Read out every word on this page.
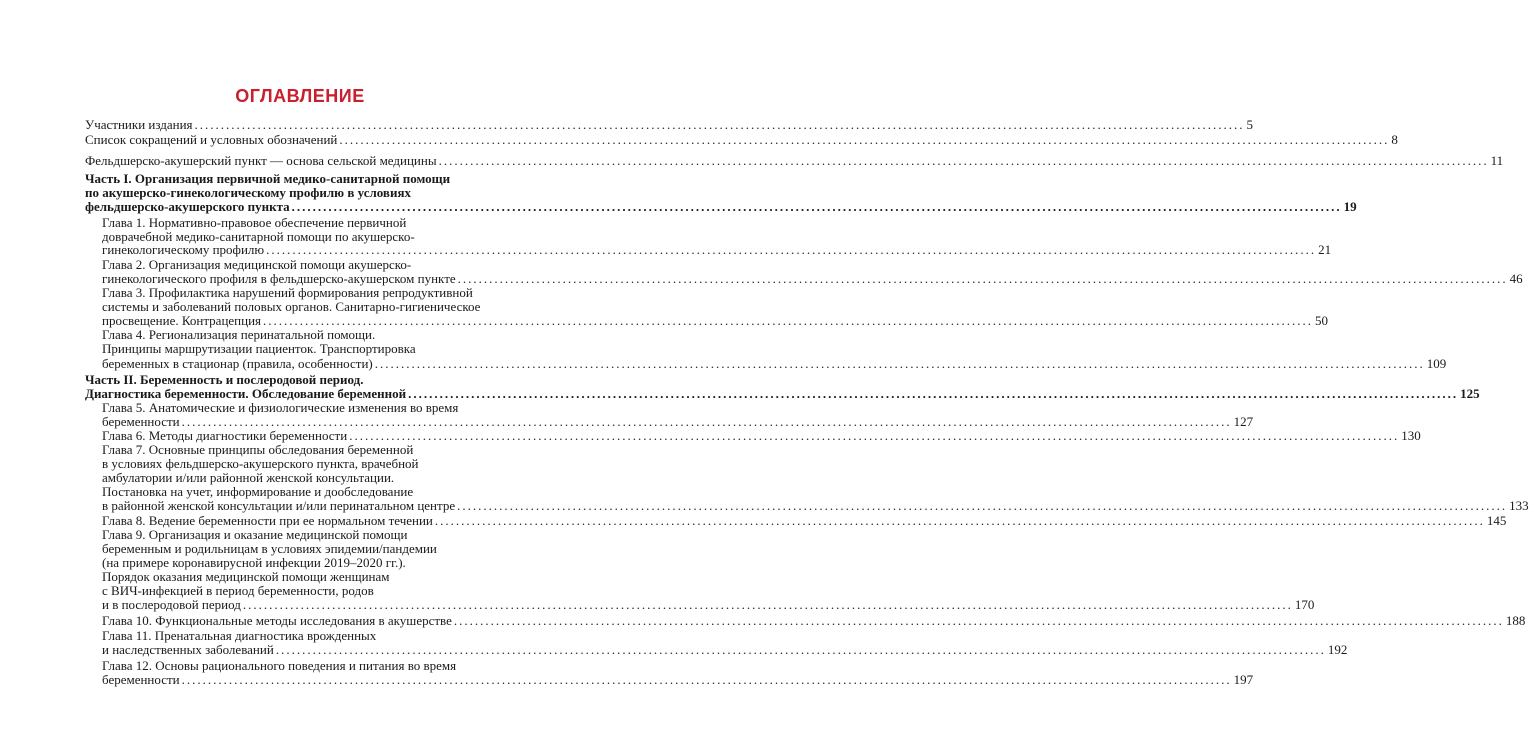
ОГЛАВЛЕНИЕ
Участники издания ........................................................................................................................................................................................................ 5
Список сокращений и условных обозначений ........................................................................................................................................................................................................ 8
Фельдшерско-акушерский пункт — основа сельской медицины ........................................................................................................................................................................................................ 11
Часть I. Организация первичной медико-санитарной помощи
по акушерско-гинекологическому профилю в условиях
фельдшерско-акушерского пункта ........................................................................................................................................................................................................ 19
Глава 1. Нормативно-правовое обеспечение первичной
доврачебной медико-санитарной помощи по акушерско-
гинекологическому профилю ........................................................................................................................................................................................................ 21
Глава 2. Организация медицинской помощи акушерско-
гинекологического профиля в фельдшерско-акушерском пункте ........................................................................................................................................................................................................ 46
Глава 3. Профилактика нарушений формирования репродуктивной
системы и заболеваний половых органов. Санитарно-гигиеническое
просвещение. Контрацепция ........................................................................................................................................................................................................ 50
Глава 4. Регионализация перинатальной помощи.
Принципы маршрутизации пациенток. Транспортировка
беременных в стационар (правила, особенности) ........................................................................................................................................................................................................ 109
Часть II. Беременность и послеродовой период.
Диагностика беременности. Обследование беременной ........................................................................................................................................................................................................ 125
Глава 5. Анатомические и физиологические изменения во время
беременности ........................................................................................................................................................................................................ 127
Глава 6. Методы диагностики беременности ........................................................................................................................................................................................................ 130
Глава 7. Основные принципы обследования беременной
в условиях фельдшерско-акушерского пункта, врачебной
амбулатории и/или районной женской консультации.
Постановка на учет, информирование и дообследование
в районной женской консультации и/или перинатальном центре ........................................................................................................................................................................................................ 133
Глава 8. Ведение беременности при ее нормальном течении ........................................................................................................................................................................................................ 145
Глава 9. Организация и оказание медицинской помощи
беременным и родильницам в условиях эпидемии/пандемии
(на примере коронавирусной инфекции 2019–2020 гг.).
Порядок оказания медицинской помощи женщинам
с ВИЧ-инфекцией в период беременности, родов
и в послеродовой период ........................................................................................................................................................................................................ 170
Глава 10. Функциональные методы исследования в акушерстве ........................................................................................................................................................................................................ 188
Глава 11. Пренатальная диагностика врожденных
и наследственных заболеваний ........................................................................................................................................................................................................ 192
Глава 12. Основы рационального поведения и питания во время
беременности ........................................................................................................................................................................................................ 197
